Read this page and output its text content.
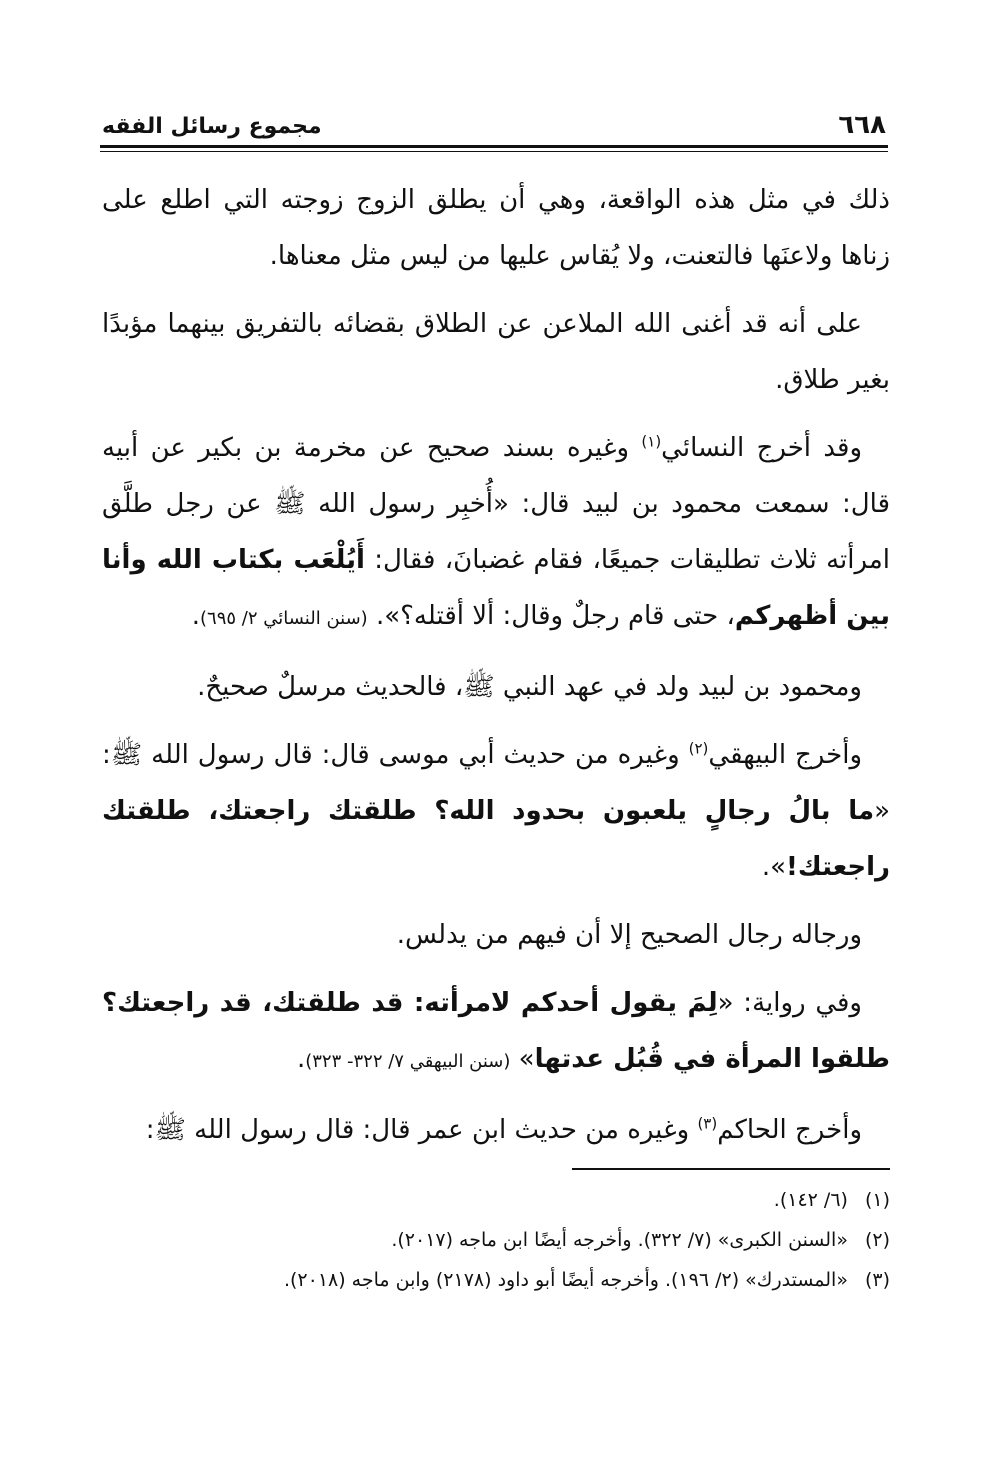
٦٦٨
مجموع رسائل الفقه

ذلك في مثل هذه الواقعة، وهي أن يطلق الزوج زوجته التي اطلع على زناها ولاعنَها فالتعنت، ولا يُقاس عليها من ليس مثل معناها.

على أنه قد أغنى الله الملاعن عن الطلاق بقضائه بالتفريق بينهما مؤبدًا بغير طلاق.

وقد أخرج النسائي$^{(١)}$ وغيره بسند صحيح عن مخرمة بن بكير عن أبيه قال: سمعت محمود بن لبيد قال: «أُخبِر رسول الله ﷺ عن رجل طلَّق امرأته ثلاث تطليقات جميعًا، فقام غضبانَ، فقال: أَيُلْعَب بكتاب الله وأنا بين أظهركم، حتى قام رجلٌ وقال: ألا أقتله؟». (سنن النسائي ٢/ ٦٩٥).

ومحمود بن لبيد ولد في عهد النبي ﷺ، فالحديث مرسلٌ صحيحٌ.

وأخرج البيهقي$^{(٢)}$ وغيره من حديث أبي موسى قال: قال رسول الله ﷺ: «ما بالُ رجالٍ يلعبون بحدود الله؟ طلقتك راجعتك، طلقتك راجعتك!».

ورجاله رجال الصحيح إلا أن فيهم من يدلس.

وفي رواية: «لِمَ يقول أحدكم لامرأته: قد طلقتك، قد راجعتك؟ طلقوا المرأة في قُبُل عدتها» (سنن البيهقي ٧/ ٣٢٢- ٣٢٣).

وأخرج الحاكم$^{(٣)}$ وغيره من حديث ابن عمر قال: قال رسول الله ﷺ:

(١) (٦/ ١٤٢).

(٢) «السنن الكبرى» (٧/ ٣٢٢). وأخرجه أيضًا ابن ماجه (٢٠١٧).

(٣) «المستدرك» (٢/ ١٩٦). وأخرجه أيضًا أبو داود (٢١٧٨) وابن ماجه (٢٠١٨).
